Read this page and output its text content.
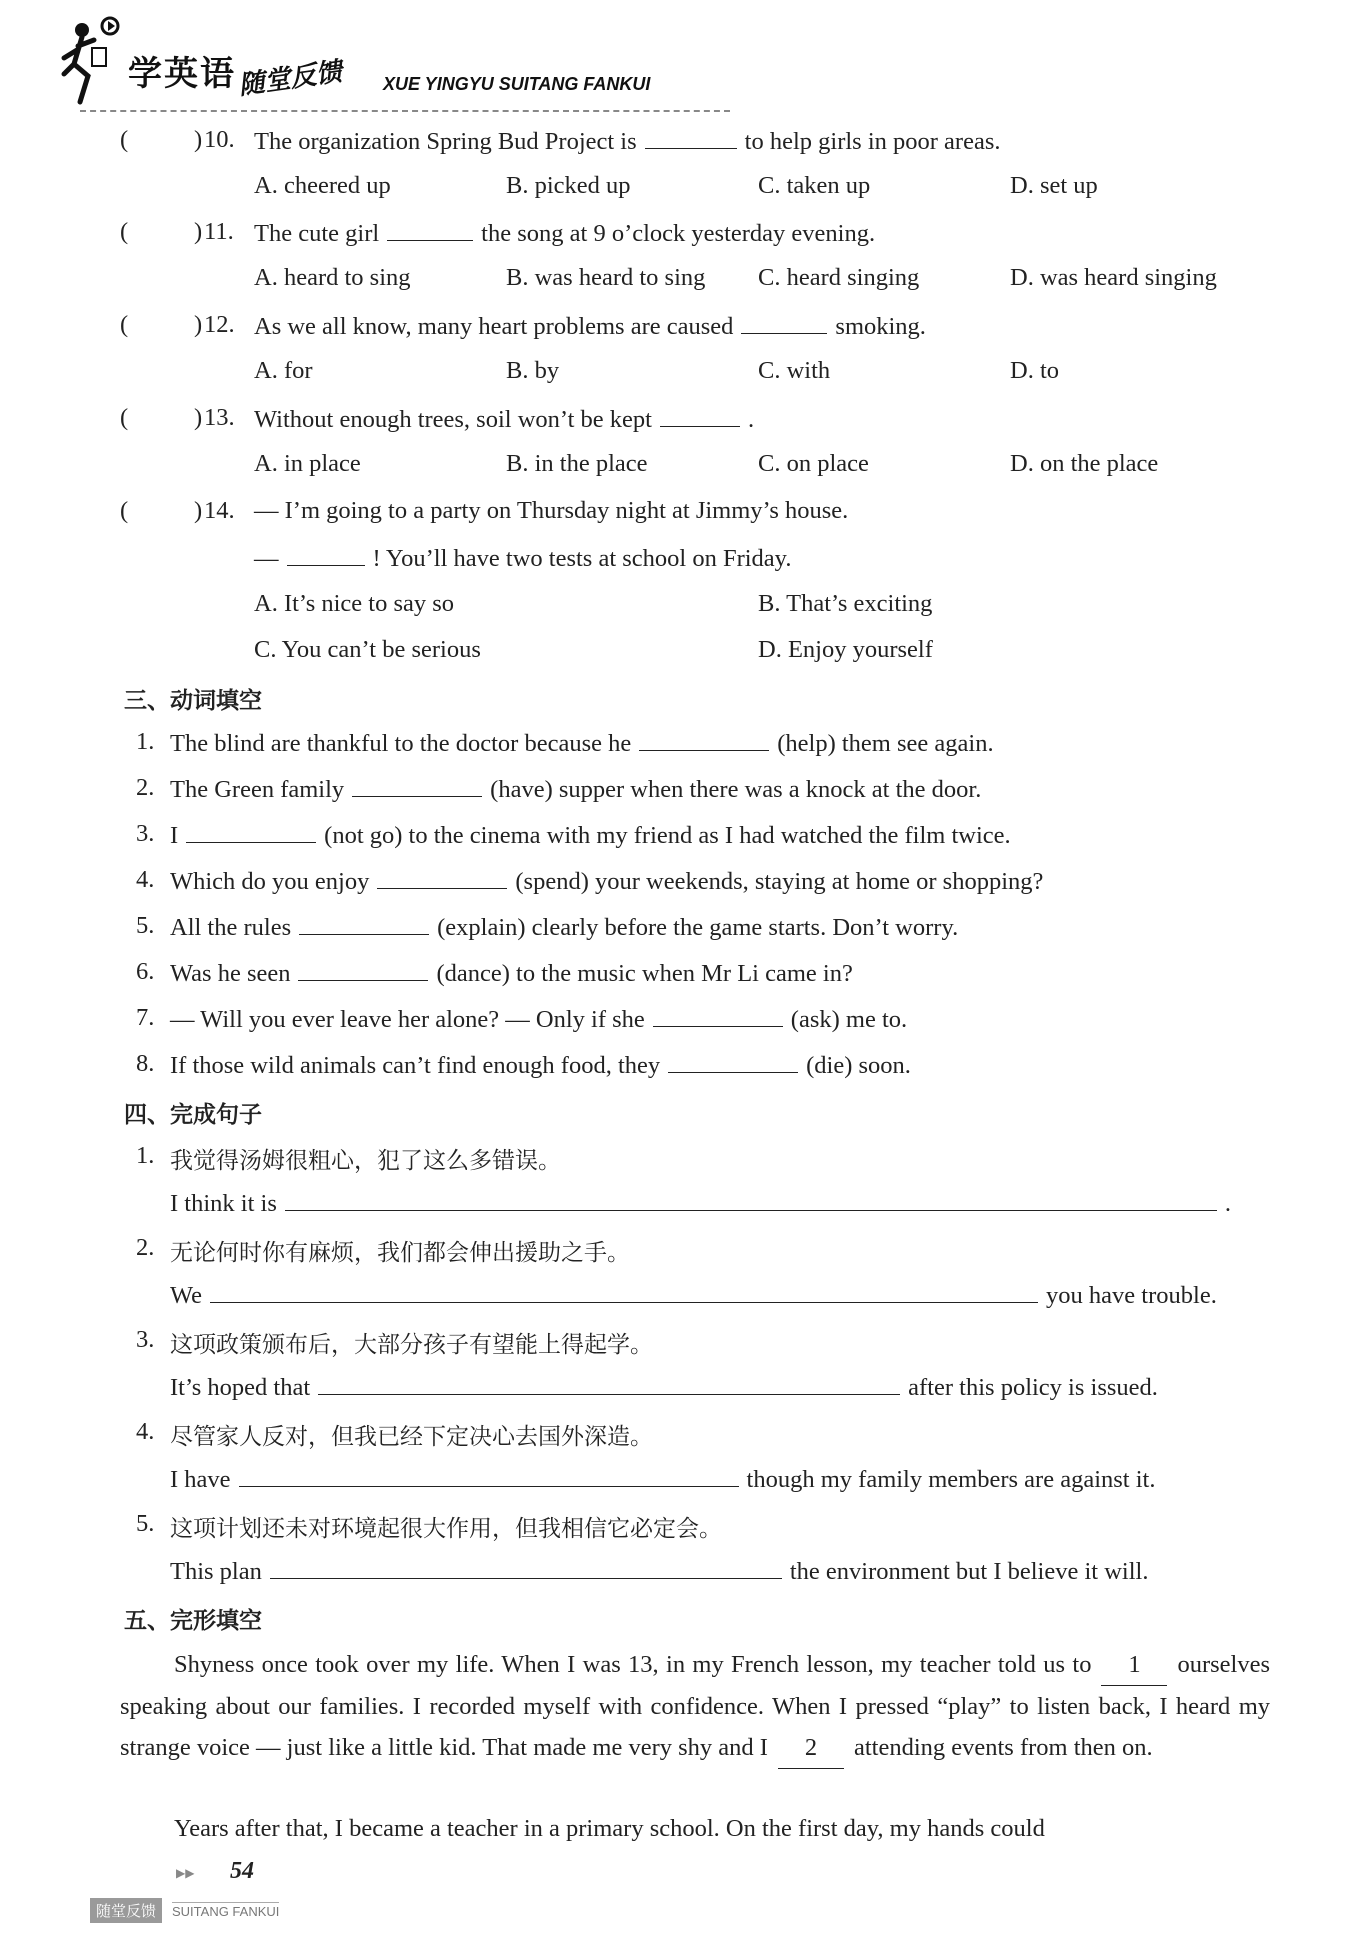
学英语 随堂反馈 XUE YINGYU SUITANG FANKUI
(	) 10. The organization Spring Bud Project is	to help girls in poor areas.
A. cheered up	B. picked up	C. taken up	D. set up
(	) 11. The cute girl	the song at 9 o’clock yesterday evening.
A. heard to sing	B. was heard to sing C. heard singing	D. was heard singing
(	) 12. As we all know, many heart problems are caused	smoking.
A. for	B. by	C. with	D. to
(	) 13. Without enough trees, soil won’t be kept	.
A. in place	B. in the place	C. on place	D. on the place
(	) 14. — I’m going to a party on Thursday night at Jimmy’s house.
—	! You’ll have two tests at school on Friday.
A. It’s nice to say so	B. That’s exciting
C. You can’t be serious	D. Enjoy yourself
三、动词填空
1. The blind are thankful to the doctor because he	(help) them see again.
2. The Green family	(have) supper when there was a knock at the door.
3. I	(not go) to the cinema with my friend as I had watched the film twice.
4. Which do you enjoy	(spend) your weekends, staying at home or shopping?
5. All the rules	(explain) clearly before the game starts. Don’t worry.
6. Was he seen	(dance) to the music when Mr Li came in?
7. — Will you ever leave her alone? — Only if she	(ask) me to.
8. If those wild animals can’t find enough food, they	(die) soon.
四、完成句子
1. 我觉得汤姆很粗心，犯了这么多错误。
I think it is	.
2. 无论何时你有麻烦，我们都会伸出援助之手。
We	you have trouble.
3. 这项政策颁布后，大部分孩子有望能上得起学。
It’s hoped that	after this policy is issued.
4. 尽管家人反对，但我已经下定决心去国外深造。
I have	though my family members are against it.
5. 这项计划还未对环境起很大作用，但我相信它必定会。
This plan	the environment but I believe it will.
五、完形填空
Shyness once took over my life. When I was 13, in my French lesson, my teacher told us to 1 ourselves speaking about our families. I recorded myself with confidence. When I pressed “play” to listen back, I heard my strange voice — just like a little kid. That made me very shy and I 2 attending events from then on.
Years after that, I became a teacher in a primary school. On the first day, my hands could
▶▶ 54
随堂反馈	SUITANG FANKUI
